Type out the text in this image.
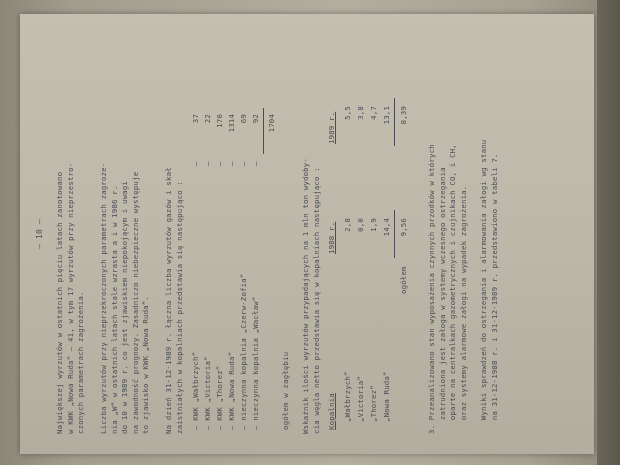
– 10 – Największej wyrzutów w ostatnich pięciu latach zanotowano w KWK „Nowa Ruda” – 41, w tym 17 wyrzutów przy nieprzestro- czonych parametrach zagrożenia. Liczba wyrzutów przy nieprzekroczonych parametrach zagroże- nia „W” w ostatnich latach stale wzrasta a i w 1986 r. do 10 w 1989 r. co jest zjawiskiem niepokojącym i uwagi na zawodność prognozy. Zasadniczo niebezpieczne występuje to zjawisko w KWK „Nowa Ruda”. Na dzień 31-12-1989 r. łączna liczba wyrzutów gazów i skał zaistniałych w kopalniach przedstawia się następująco : – KWK „Wałbrzych”
–
37
– KWK „Victoria”
–
22
– KWK „Thorez”
–
170
– KWK „Nowa Ruda”
–
1314
– nieczynna kopalnia „Czerw-Zofia”
–
69
– nieczynna kopalnia „Wacław”
–
92 1704
ogółem w zagłębiu Wskaźnik ilości wyrzutów przypadających na 1 mln ton wydoby- cia węgla netto przedstawia się w kopalniach następująco : Kopalnia
1988 r.
1989 r.
„Wałbrzych”
2,8
5,5
„Victoria”
0,0
3,8
„Thorez”
1,9
4,7
„Nowa Ruda”
14,4
13,1
ogółem
9,56
8,39
3. Przeanalizowano stan wyposażenia czynnych przodków w których zatrudniona jest załoga w systemy wczesnego ostrzegania oparte na centralkach gazometrycznych i czujnikach CO, i CH, oraz systemy alarmowe załogi na wypadek zagrożenia. Wyniki sprawdzeń do ostrzegania i alarmowania załogi wg stanu na 31-12-1988 r. i 31-12-1989 r. przedstawiono w tabeli 7.
